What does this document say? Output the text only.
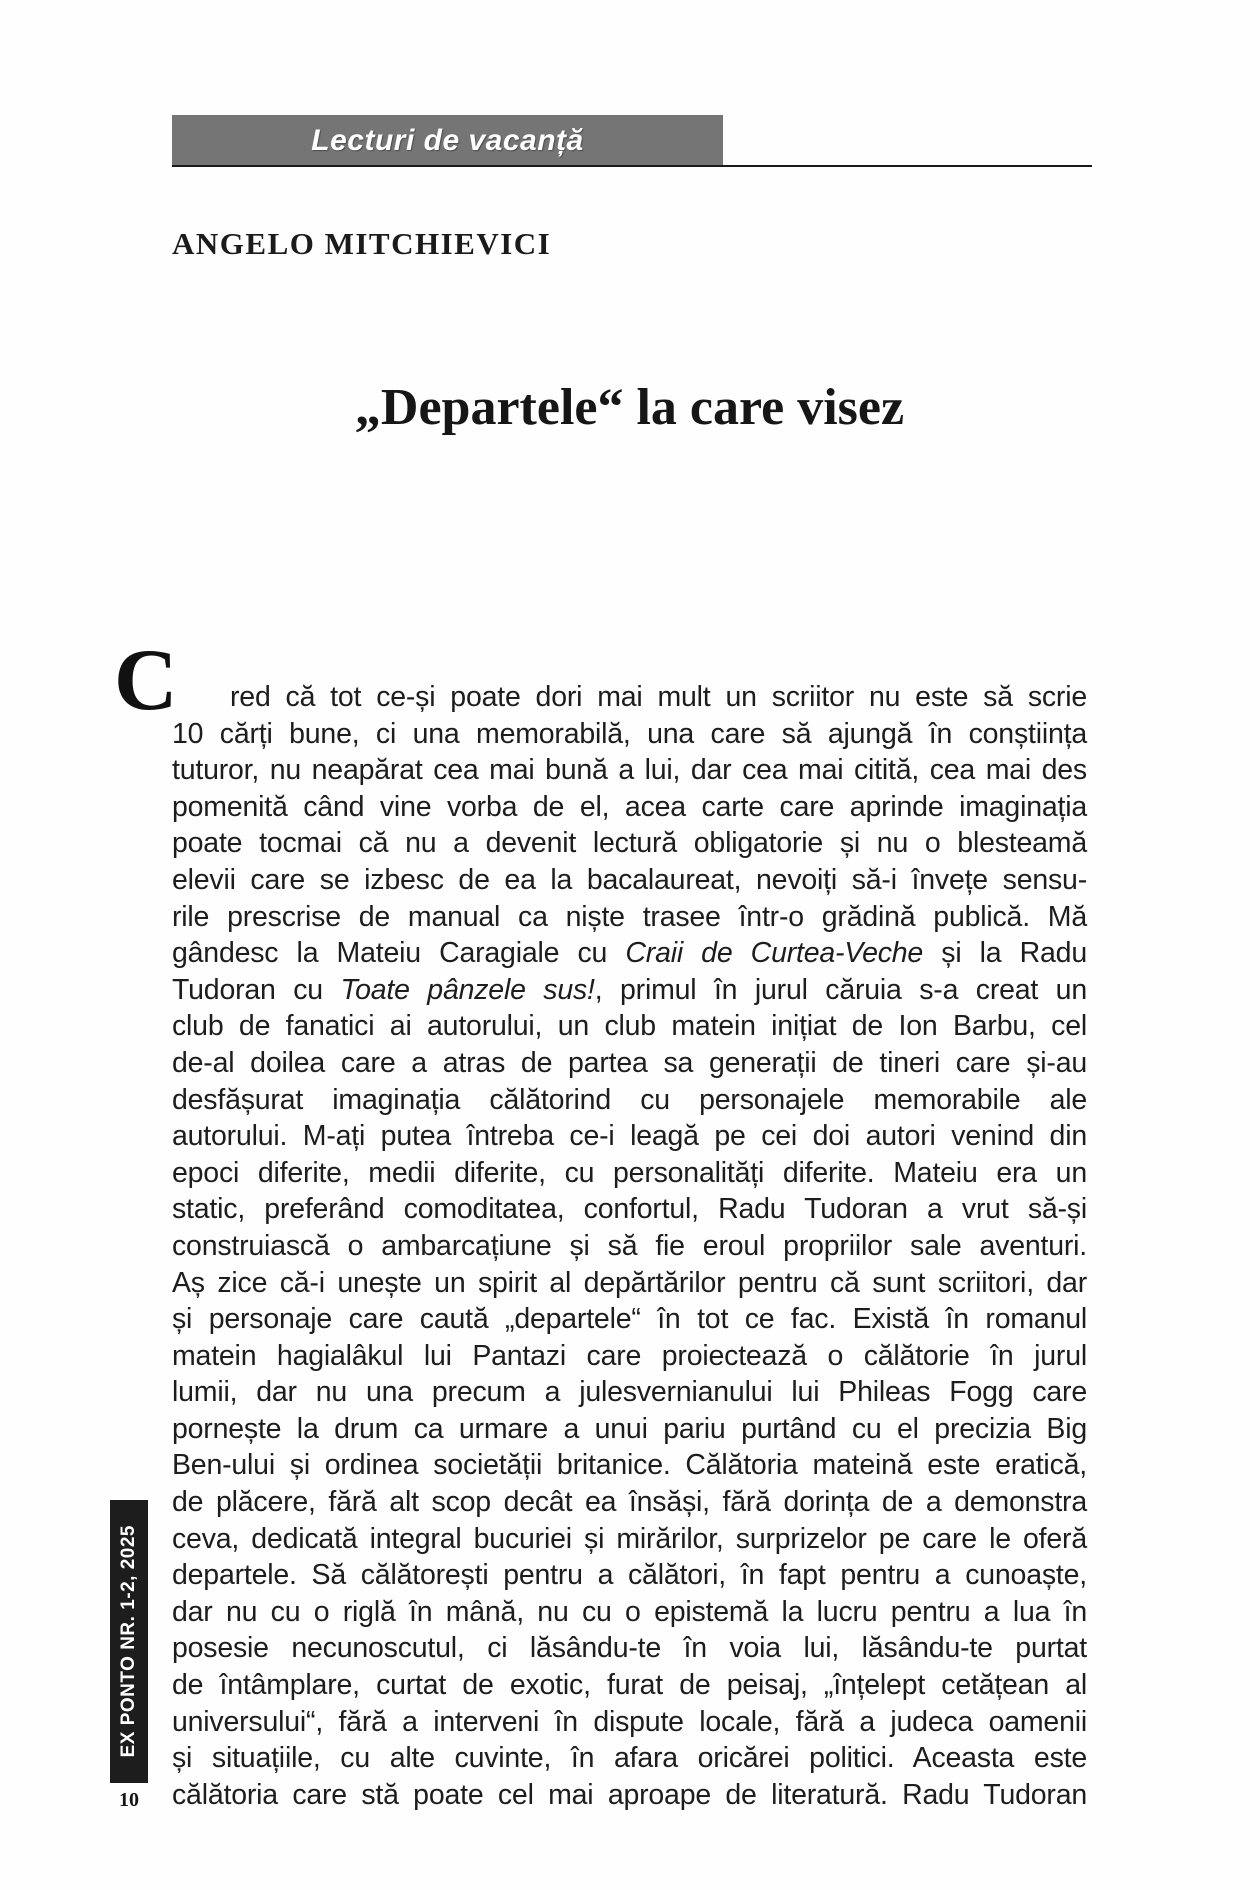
Lecturi de vacanță
ANGELO MITCHIEVICI
„Departele“ la care visez
C red că tot ce-și poate dori mai mult un scriitor nu este să scrie
10 cărți bune, ci una memorabilă, una care să ajungă în conștiința
tuturor, nu neapărat cea mai bună a lui, dar cea mai citită, cea mai des
pomenită când vine vorba de el, acea carte care aprinde imaginația
poate tocmai că nu a devenit lectură obligatorie și nu o blesteamă
elevii care se izbesc de ea la bacalaureat, nevoiți să-i învețe sensu-
rile prescrise de manual ca niște trasee într-o grădină publică. Mă
gândesc la Mateiu Caragiale cu Craii de Curtea-Veche și la Radu
Tudoran cu Toate pânzele sus!, primul în jurul căruia s-a creat un
club de fanatici ai autorului, un club matein inițiat de Ion Barbu, cel
de-al doilea care a atras de partea sa generații de tineri care și-au
desfășurat imaginația călătorind cu personajele memorabile ale
autorului. M-ați putea întreba ce-i leagă pe cei doi autori venind din
epoci diferite, medii diferite, cu personalități diferite. Mateiu era un
static, preferând comoditatea, confortul, Radu Tudoran a vrut să-și
construiască o ambarcațiune și să fie eroul propriilor sale aventuri.
Aș zice că-i unește un spirit al depărtărilor pentru că sunt scriitori, dar
și personaje care caută „departele“ în tot ce fac. Există în romanul
matein hagialâkul lui Pantazi care proiectează o călătorie în jurul
lumii, dar nu una precum a julesvernianului lui Phileas Fogg care
pornește la drum ca urmare a unui pariu purtând cu el precizia Big
Ben-ului și ordinea societății britanice. Călătoria mateină este eratică,
de plăcere, fără alt scop decât ea însăși, fără dorința de a demonstra
ceva, dedicată integral bucuriei și mirărilor, surprizelor pe care le oferă
departele. Să călătorești pentru a călători, în fapt pentru a cunoaște,
dar nu cu o riglă în mână, nu cu o epistemă la lucru pentru a lua în
posesie necunoscutul, ci lăsându-te în voia lui, lăsându-te purtat
de întâmplare, curtat de exotic, furat de peisaj, „înțelept cetățean al
universului“, fără a interveni în dispute locale, fără a judeca oamenii
și situațiile, cu alte cuvinte, în afara oricărei politici. Aceasta este
călătoria care stă poate cel mai aproape de literatură. Radu Tudoran
EX PONTO NR. 1-2, 2025
10
